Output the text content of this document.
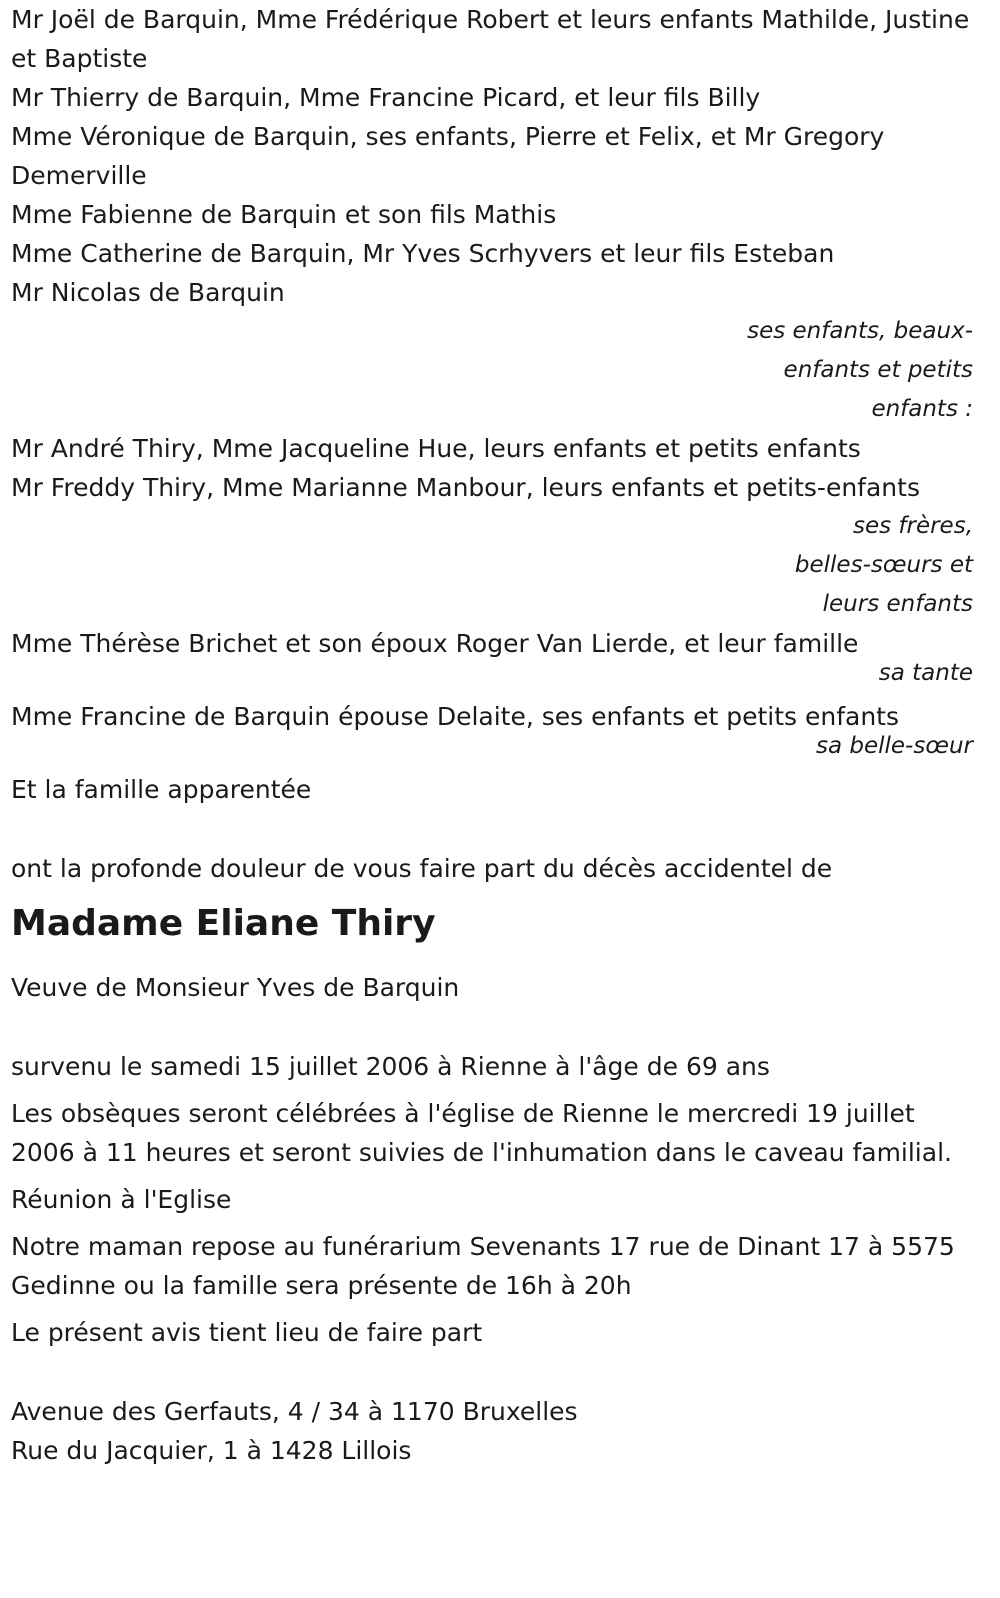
Mr Joël de Barquin, Mme Frédérique Robert et leurs enfants Mathilde, Justine et Baptiste

Mr Thierry de Barquin, Mme Francine Picard, et leur fils Billy

Mme Véronique de Barquin, ses enfants, Pierre et Felix, et Mr Gregory Demerville

Mme Fabienne de Barquin et son fils Mathis

Mme Catherine de Barquin, Mr Yves Scrhyvers et leur fils Esteban

Mr Nicolas de Barquin

ses enfants, beaux-enfants et petits enfants :

Mr André Thiry, Mme Jacqueline Hue, leurs enfants et petits enfants

Mr Freddy Thiry, Mme Marianne Manbour, leurs enfants et petits-enfants

ses frères, belles-sœurs et leurs enfants

Mme Thérèse Brichet et son époux Roger Van Lierde, et leur famille

sa tante

Mme Francine de Barquin épouse Delaite, ses enfants et petits enfants

sa belle-sœur

Et la famille apparentée

ont la profonde douleur de vous faire part du décès accidentel de

Madame Eliane Thiry

Veuve de Monsieur Yves de Barquin

survenu le samedi 15 juillet 2006 à Rienne à l'âge de 69 ans

Les obsèques seront célébrées à l'église de Rienne le mercredi 19 juillet 2006 à 11 heures et seront suivies de l'inhumation dans le caveau familial.

Réunion à l'Eglise

Notre maman repose au funérarium Sevenants 17 rue de Dinant 17 à 5575 Gedinne ou la famille sera présente de 16h à 20h

Le présent avis tient lieu de faire part

Avenue des Gerfauts, 4 / 34 à 1170 Bruxelles

Rue du Jacquier, 1 à 1428 Lillois
